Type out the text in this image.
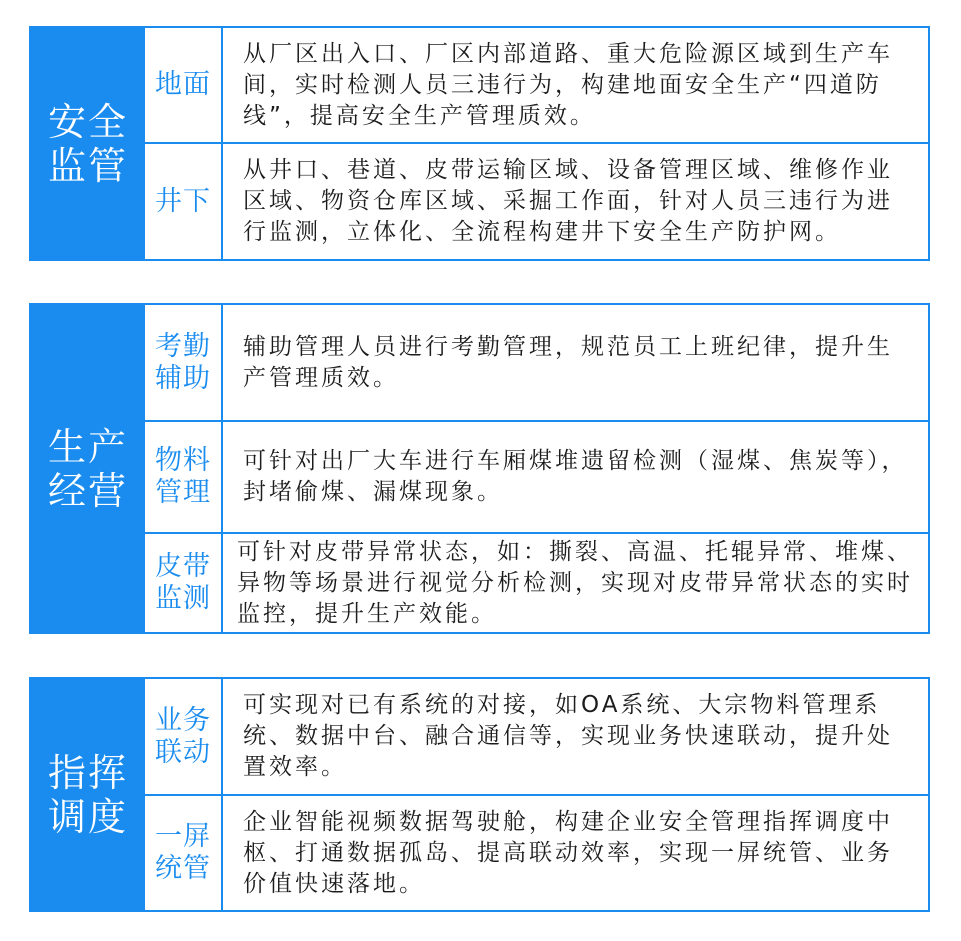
安全监管
地面
从厂区出入口、厂区内部道路、重大危险源区域到生产车间，实时检测人员三违行为，构建地面安全生产“四道防线”，提高安全生产管理质效。
井下
从井口、巷道、皮带运输区域、设备管理区域、维修作业区域、物资仓库区域、采掘工作面，针对人员三违行为进行监测，立体化、全流程构建井下安全生产防护网。
生产经营
考勤辅助
辅助管理人员进行考勤管理，规范员工上班纪律，提升生产管理质效。
物料管理
可针对出厂大车进行车厢煤堆遗留检测（湿煤、焦炭等），封堵偷煤、漏煤现象。
皮带监测
可针对皮带异常状态，如：撕裂、高温、托辊异常、堆煤、异物等场景进行视觉分析检测，实现对皮带异常状态的实时监控，提升生产效能。
指挥调度
业务联动
可实现对已有系统的对接，如OA系统、大宗物料管理系统、数据中台、融合通信等，实现业务快速联动，提升处置效率。
一屏统管
企业智能视频数据驾驶舱，构建企业安全管理指挥调度中枢、打通数据孤岛、提高联动效率，实现一屏统管、业务价值快速落地。
